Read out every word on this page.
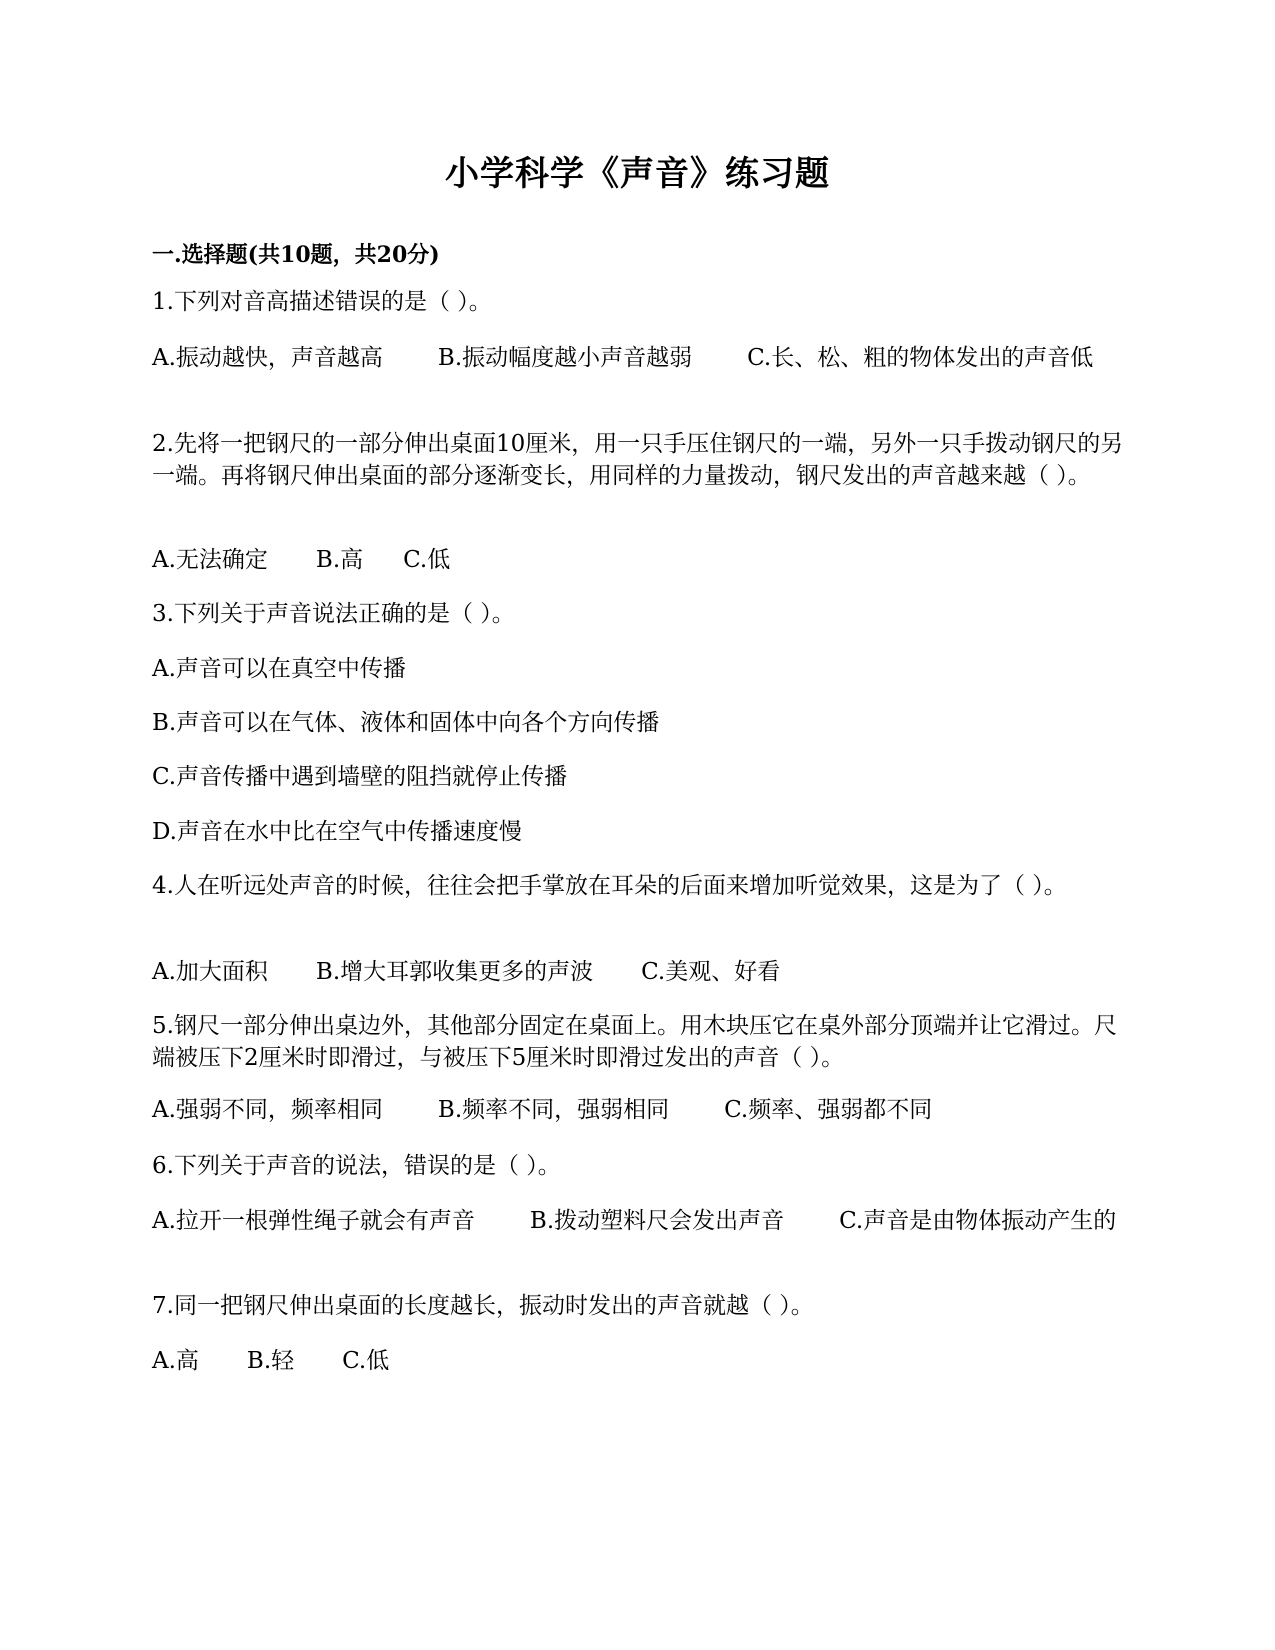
小学科学《声音》练习题
一.选择题(共10题，共20分)
1.下列对音高描述错误的是（ ）。
A.振动越快，声音越高 B.振动幅度越小声音越弱 C.长、松、粗的物体发出的声音低
2.先将一把钢尺的一部分伸出桌面10厘米，用一只手压住钢尺的一端，另外一只手拨动钢尺的另一端。再将钢尺伸出桌面的部分逐渐变长，用同样的力量拨动，钢尺发出的声音越来越（ ）。
A.无法确定 B.高 C.低
3.下列关于声音说法正确的是（ ）。
A.声音可以在真空中传播
B.声音可以在气体、液体和固体中向各个方向传播
C.声音传播中遇到墙壁的阻挡就停止传播
D.声音在水中比在空气中传播速度慢
4.人在听远处声音的时候，往往会把手掌放在耳朵的后面来增加听觉效果，这是为了（ ）。
A.加大面积 B.增大耳郭收集更多的声波 C.美观、好看
5.钢尺一部分伸出桌边外，其他部分固定在桌面上。用木块压它在桌外部分顶端并让它滑过。尺端被压下2厘米时即滑过，与被压下5厘米时即滑过发出的声音（ ）。
A.强弱不同，频率相同 B.频率不同，强弱相同 C.频率、强弱都不同
6.下列关于声音的说法，错误的是（ ）。
A.拉开一根弹性绳子就会有声音 B.拨动塑料尺会发出声音 C.声音是由物体振动产生的
7.同一把钢尺伸出桌面的长度越长，振动时发出的声音就越（ ）。
A.高 B.轻 C.低
